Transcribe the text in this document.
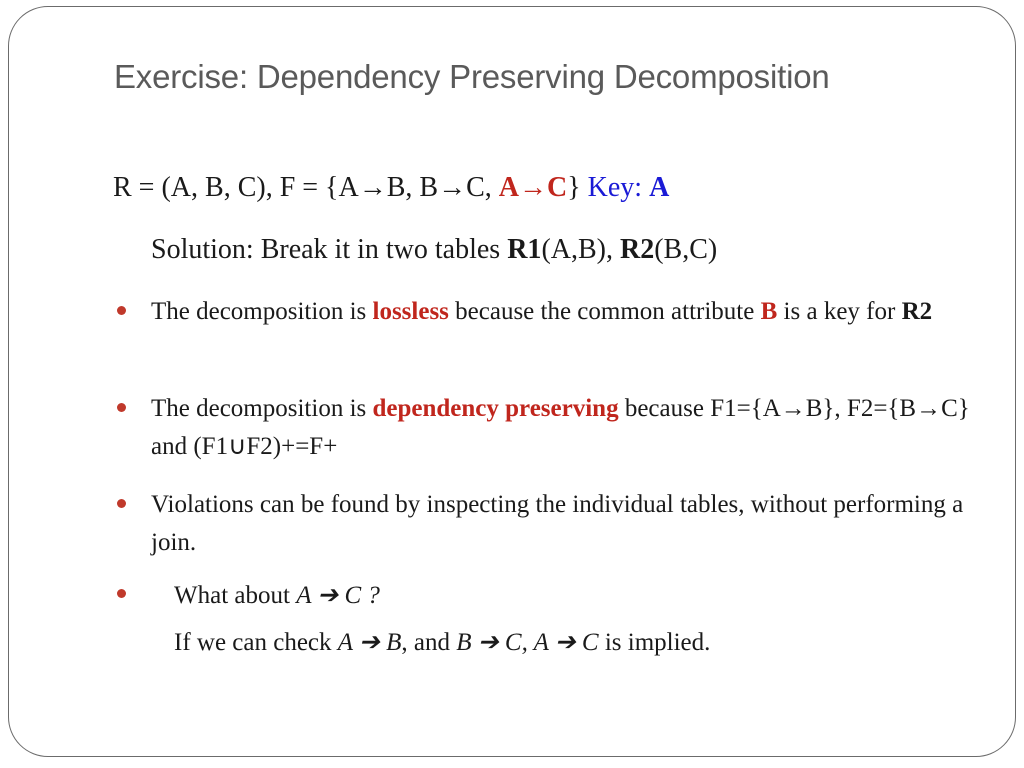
Exercise: Dependency Preserving Decomposition
R = (A, B, C), F = {A→B, B→C, A→C} Key: A
Solution: Break it in two tables R1(A,B), R2(B,C)
The decomposition is lossless because the common attribute B is a key for R2
The decomposition is dependency preserving because F1={A→B}, F2={B→C} and (F1∪F2)+=F+
Violations can be found by inspecting the individual tables, without performing a join.
What about A ➔ C ?
If we can check A ➔ B, and B ➔ C, A ➔ C is implied.
